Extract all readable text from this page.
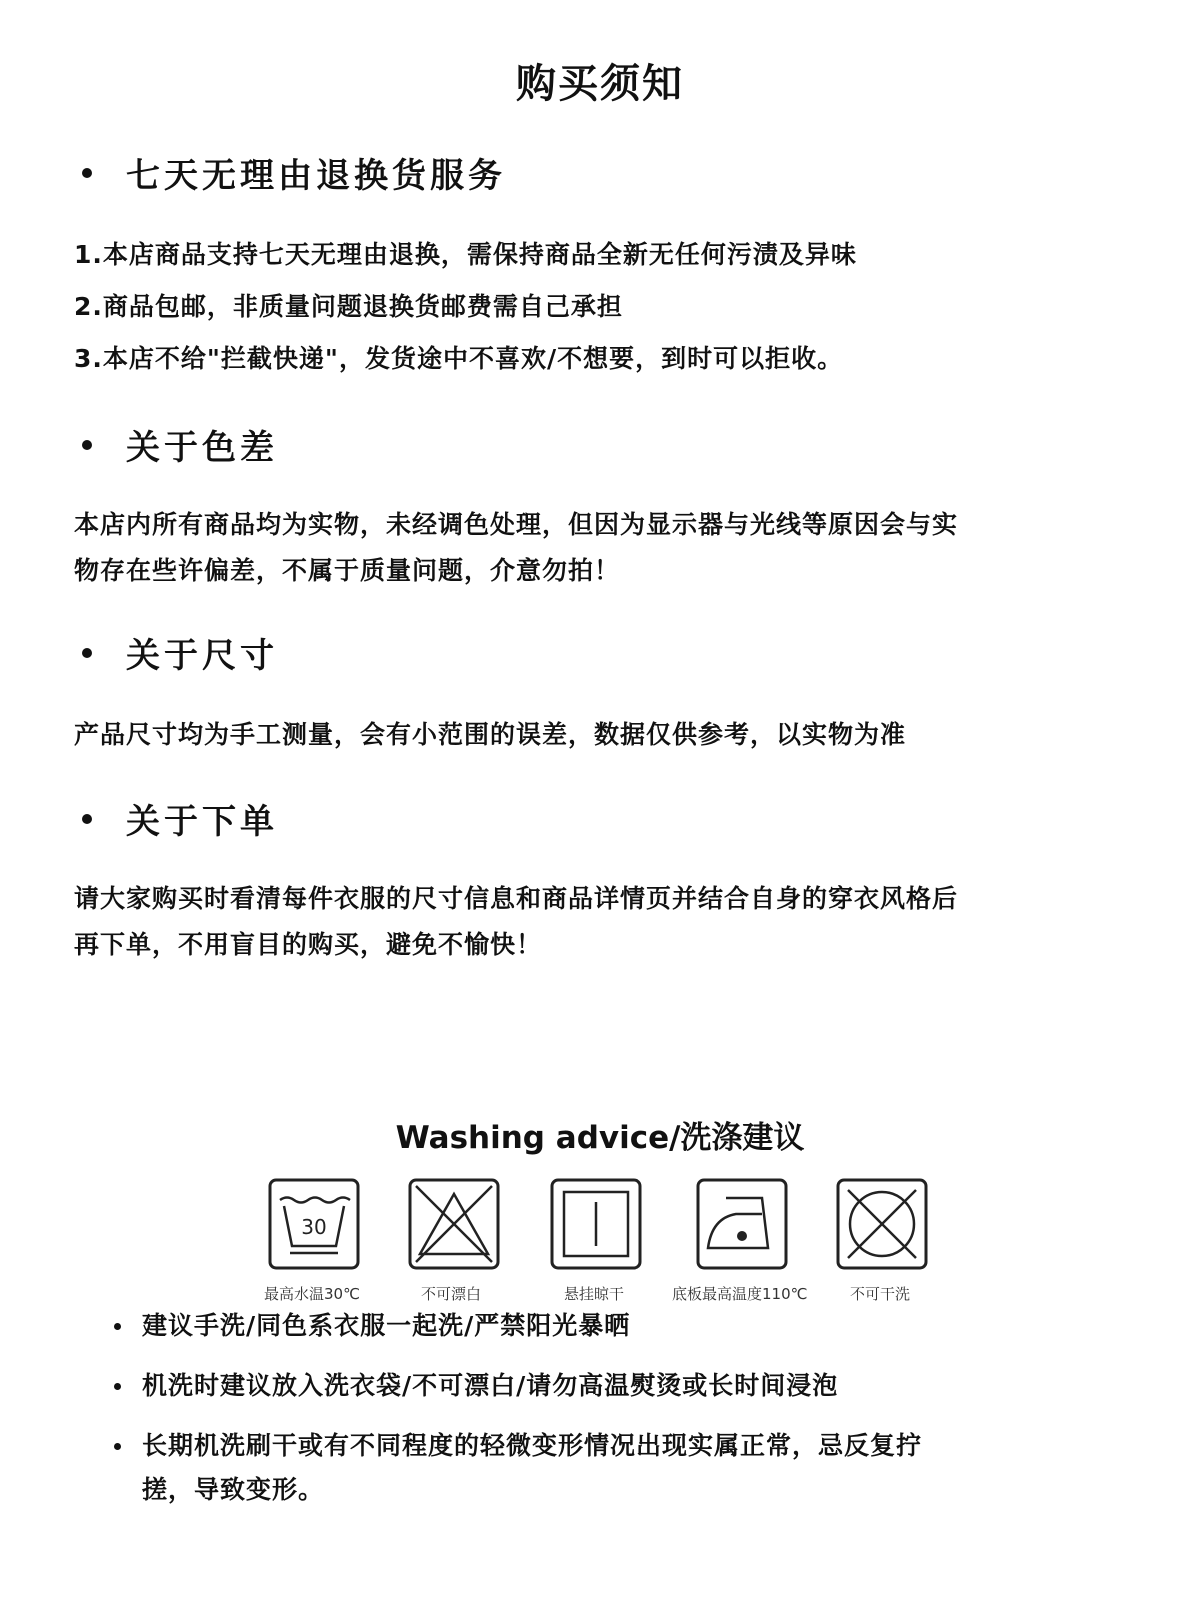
购买须知
七天无理由退换货服务
1.本店商品支持七天无理由退换，需保持商品全新无任何污渍及异味
2.商品包邮，非质量问题退换货邮费需自己承担
3.本店不给"拦截快递"，发货途中不喜欢/不想要，到时可以拒收。
关于色差
本店内所有商品均为实物，未经调色处理，但因为显示器与光线等原因会与实
物存在些许偏差，不属于质量问题，介意勿拍！
关于尺寸
产品尺寸均为手工测量，会有小范围的误差，数据仅供参考，以实物为准
关于下单
请大家购买时看清每件衣服的尺寸信息和商品详情页并结合自身的穿衣风格后
再下单，不用盲目的购买，避免不愉快！
Washing advice/洗涤建议
30
最高水温30℃	不可漂白	悬挂晾干	底板最高温度110℃	不可干洗
建议手洗/同色系衣服一起洗/严禁阳光暴晒
机洗时建议放入洗衣袋/不可漂白/请勿高温熨烫或长时间浸泡
长期机洗刷干或有不同程度的轻微变形情况出现实属正常，忌反复拧
搓，导致变形。
